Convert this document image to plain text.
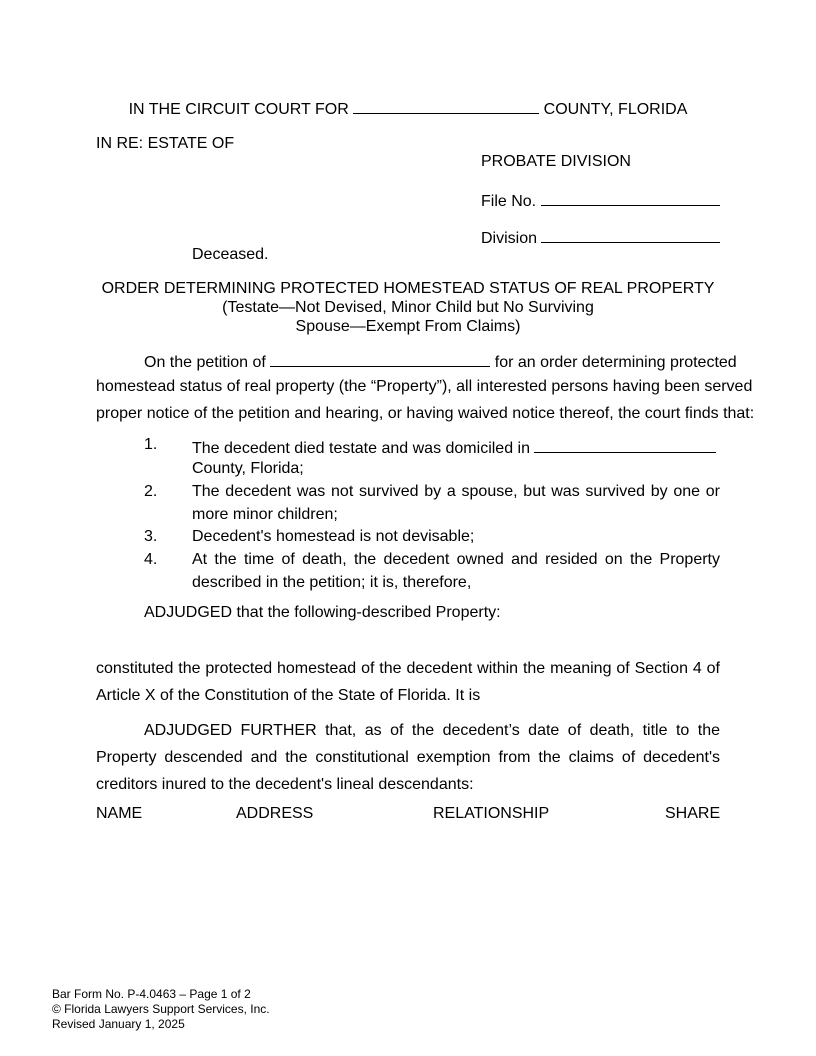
IN THE CIRCUIT COURT FOR	COUNTY, FLORIDA
IN RE: ESTATE OF
PROBATE DIVISION
File No.
Division
Deceased.
ORDER DETERMINING PROTECTED HOMESTEAD STATUS OF REAL PROPERTY
(Testate—Not Devised, Minor Child but No Surviving
Spouse—Exempt From Claims)
On the petition of	for an order determining protected
homestead status of real property (the “Property”), all interested persons having been served
proper notice of the petition and hearing, or having waived notice thereof, the court finds that:
1. The decedent died testate and was domiciled in
County, Florida;
2. The decedent was not survived by a spouse, but was survived by one or more minor children;
3. Decedent's homestead is not devisable;
4. At the time of death, the decedent owned and resided on the Property described in the petition; it is, therefore,
ADJUDGED that the following-described Property:
constituted the protected homestead of the decedent within the meaning of Section 4 of Article X of the Constitution of the State of Florida. It is
ADJUDGED FURTHER that, as of the decedent’s date of death, title to the Property descended and the constitutional exemption from the claims of decedent's creditors inured to the decedent's lineal descendants:
NAME	ADDRESS	RELATIONSHIP	SHARE
Bar Form No. P-4.0463 – Page 1 of 2
© Florida Lawyers Support Services, Inc.
Revised January 1, 2025
